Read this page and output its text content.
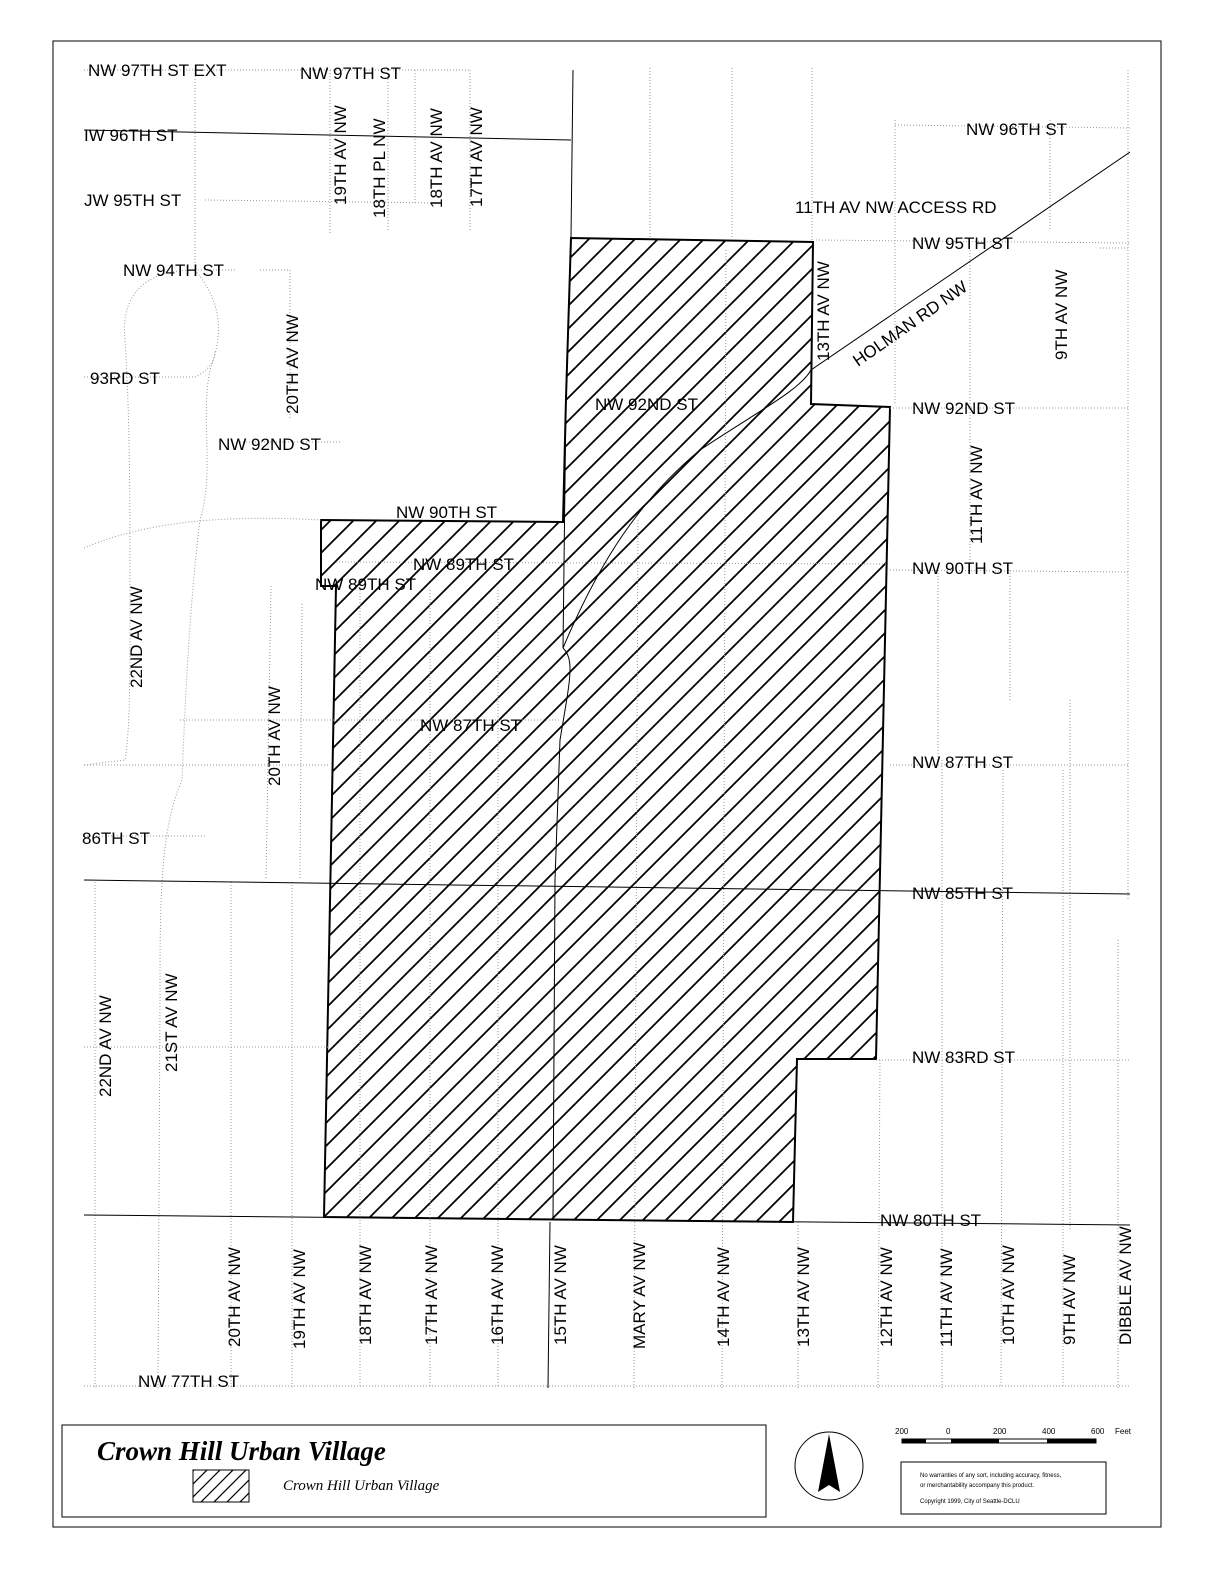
NW 97TH ST EXT	NW 97TH ST
IW 96TH ST	NW 96TH ST
JW 95TH ST	11TH AV NW ACCESS RD
NW 95TH ST
NW 94TH ST
93RD ST
NW 92ND ST	NW 92ND ST
NW 92ND ST
NW 90TH ST
NW 89TH ST
NW 89TH ST
NW 90TH ST
NW 87TH ST
NW 87TH ST
86TH ST
NW 85TH ST
NW 83RD ST
NW 80TH ST
NW 77TH ST
HOLMAN RD NW
19TH AV NW 18TH PL NW 18TH AV NW 17TH AV NW
20TH AV NW
13TH AV NW	9TH AV NW
11TH AV NW
22ND AV NW
20TH AV NW
21ST AV NW
22ND AV NW
20TH AV NW	19TH AV NW	18TH AV NW	17TH AV NW	16TH AV NW	15TH AV NW	MARY AV NW	14TH AV NW	13TH AV NW	12TH AV NW 11TH AV NW	10TH AV NW 9TH AV NW DIBBLE AV NW
Crown Hill Urban Village
Crown Hill Urban Village
200	0	200	400	600 Feet
No warranties of any sort, including accuracy, fitness,
or merchantability accompany this product.
Copyright 1999, City of Seattle-DCLU
